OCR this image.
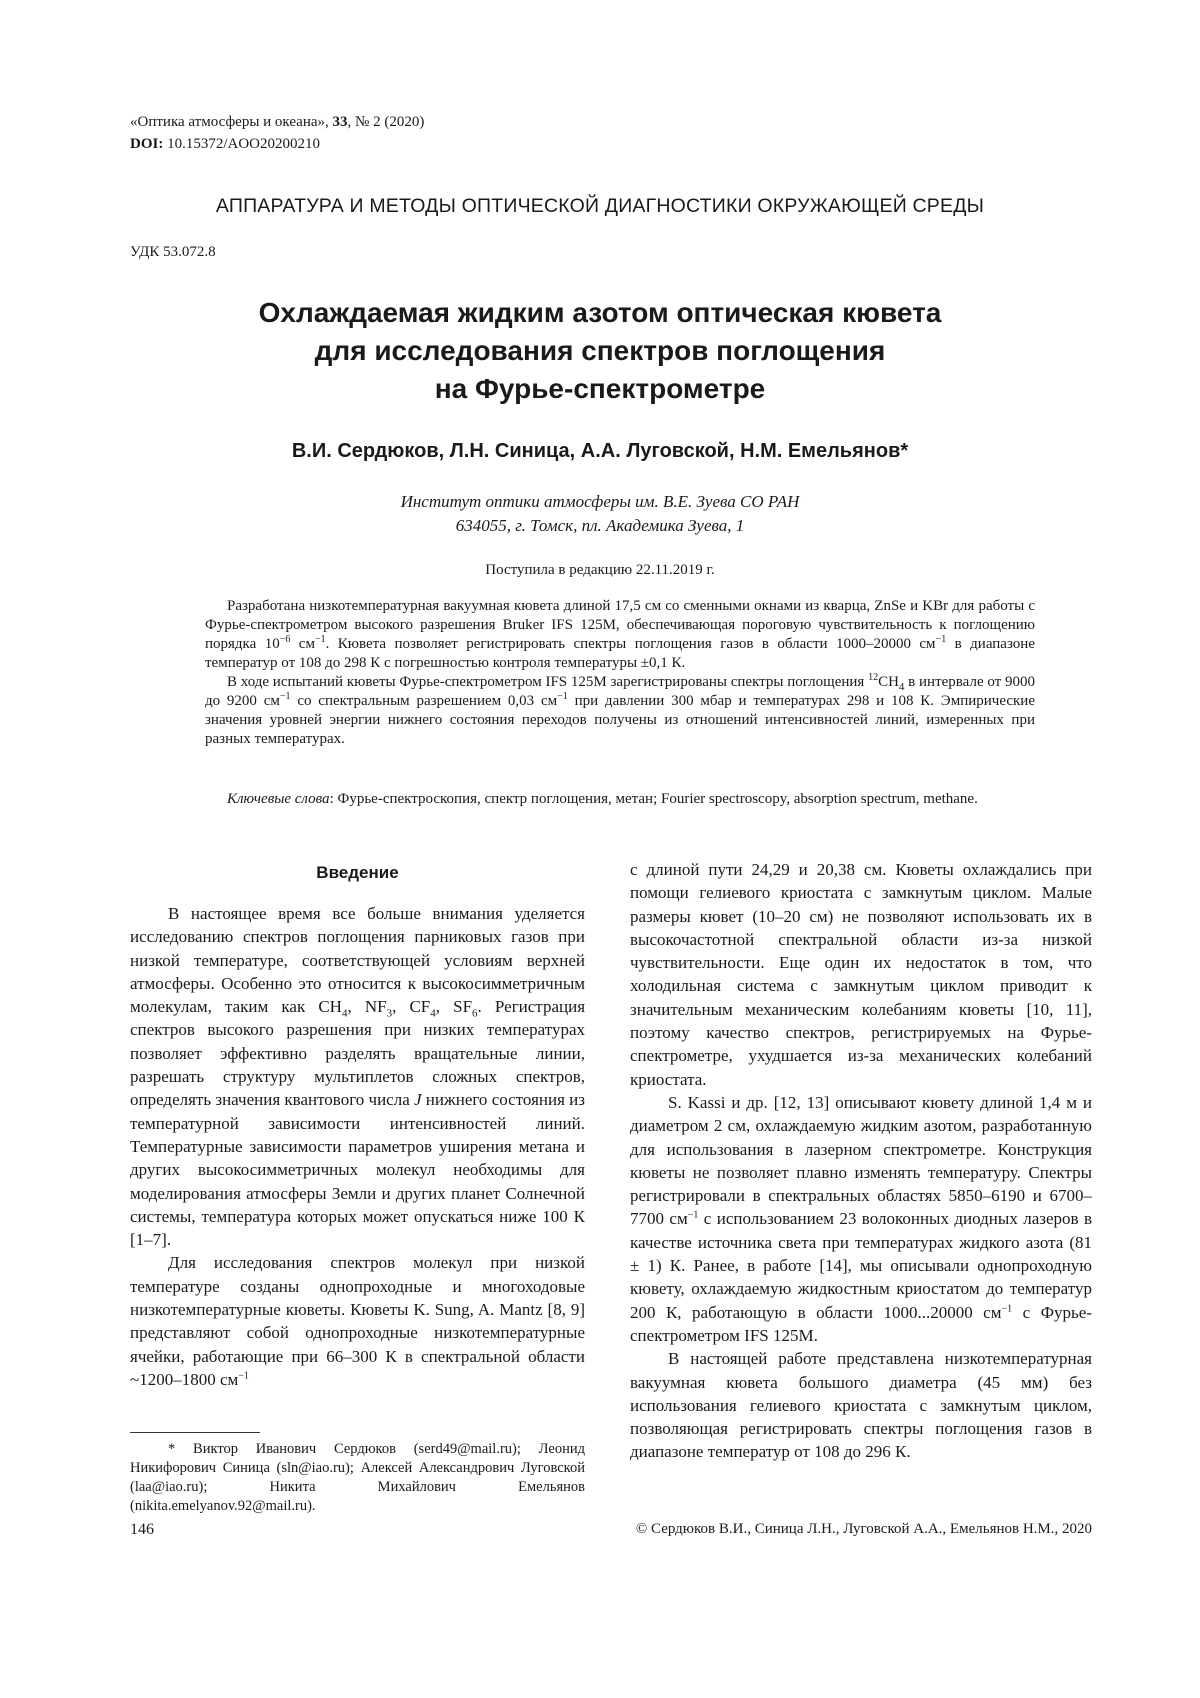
«Оптика атмосферы и океана», 33, № 2 (2020)
DOI: 10.15372/AOO20200210
АППАРАТУРА И МЕТОДЫ ОПТИЧЕСКОЙ ДИАГНОСТИКИ ОКРУЖАЮЩЕЙ СРЕДЫ
УДК 53.072.8
Охлаждаемая жидким азотом оптическая кювета
для исследования спектров поглощения
на Фурье-спектрометре
В.И. Сердюков, Л.Н. Синица, А.А. Луговской, Н.М. Емельянов*
Институт оптики атмосферы им. В.Е. Зуева СО РАН
634055, г. Томск, пл. Академика Зуева, 1
Поступила в редакцию 22.11.2019 г.

Разработана низкотемпературная вакуумная кювета длиной 17,5 см со сменными окнами из кварца, ZnSe и KBr для работы с Фурье-спектрометром высокого разрешения Bruker IFS 125M, обеспечивающая пороговую чувствительность к поглощению порядка $10^{-6}$ $см^{-1}$. Кювета позволяет регистрировать спектры поглощения газов в области 1000–20000 $см^{-1}$ в диапазоне температур от 108 до 298 К с погрешностью контроля температуры ±0,1 К.

В ходе испытаний кюветы Фурье-спектрометром IFS 125M зарегистрированы спектры поглощения $^{12}CH_4$ в интервале от 9000 до 9200 $см^{-1}$ со спектральным разрешением 0,03 $см^{-1}$ при давлении 300 мбар и температурах 298 и 108 К. Эмпирические значения уровней энергии нижнего состояния переходов получены из отношений интенсивностей линий, измеренных при разных температурах.

Ключевые слова: Фурье-спектроскопия, спектр поглощения, метан; Fourier spectroscopy, absorption spectrum, methane.
Введение

В настоящее время все больше внимания уделяется исследованию спектров поглощения парниковых газов при низкой температуре, соответствующей условиям верхней атмосферы. Особенно это относится к высокосимметричным молекулам, таким как $CH_4$, $NF_3$, $CF_4$, $SF_6$. Регистрация спектров высокого разрешения при низких температурах позволяет эффективно разделять вращательные линии, разрешать структуру мультиплетов сложных спектров, определять значения квантового числа J нижнего состояния из температурной зависимости интенсивностей линий. Температурные зависимости параметров уширения метана и других высокосимметричных молекул необходимы для моделирования атмосферы Земли и других планет Солнечной системы, температура которых может опускаться ниже 100 К [1–7].

Для исследования спектров молекул при низкой температуре созданы однопроходные и многоходовые низкотемпературные кюветы. Кюветы K. Sung, A. Mantz [8, 9] представляют собой однопроходные низкотемпературные ячейки, работающие при 66–300 К в спектральной области ~1200–1800 $см^{-1}$

* Виктор Иванович Сердюков (serd49@mail.ru); Леонид Никифорович Синица (sln@iao.ru); Алексей Александрович Луговской (laa@iao.ru); Никита Михайлович Емельянов (nikita.emelyanov.92@mail.ru).

с длиной пути 24,29 и 20,38 см. Кюветы охлаждались при помощи гелиевого криостата с замкнутым циклом. Малые размеры кювет (10–20 см) не позволяют использовать их в высокочастотной спектральной области из-за низкой чувствительности. Еще один их недостаток в том, что холодильная система с замкнутым циклом приводит к значительным механическим колебаниям кюветы [10, 11], поэтому качество спектров, регистрируемых на Фурье-спектрометре, ухудшается из-за механических колебаний криостата.

S. Kassi и др. [12, 13] описывают кювету длиной 1,4 м и диаметром 2 см, охлаждаемую жидким азотом, разработанную для использования в лазерном спектрометре. Конструкция кюветы не позволяет плавно изменять температуру. Спектры регистрировали в спектральных областях 5850–6190 и 6700–7700 $см^{-1}$ с использованием 23 волоконных диодных лазеров в качестве источника света при температурах жидкого азота (81 ± 1) К. Ранее, в работе [14], мы описывали однопроходную кювету, охлаждаемую жидкостным криостатом до температур 200 К, работающую в области 1000...20000 $см^{-1}$ с Фурье-спектрометром IFS 125M.

В настоящей работе представлена низкотемпературная вакуумная кювета большого диаметра (45 мм) без использования гелиевого криостата с замкнутым циклом, позволяющая регистрировать спектры поглощения газов в диапазоне температур от 108 до 296 К.

146	© Сердюков В.И., Синица Л.Н., Луговской А.А., Емельянов Н.М., 2020
